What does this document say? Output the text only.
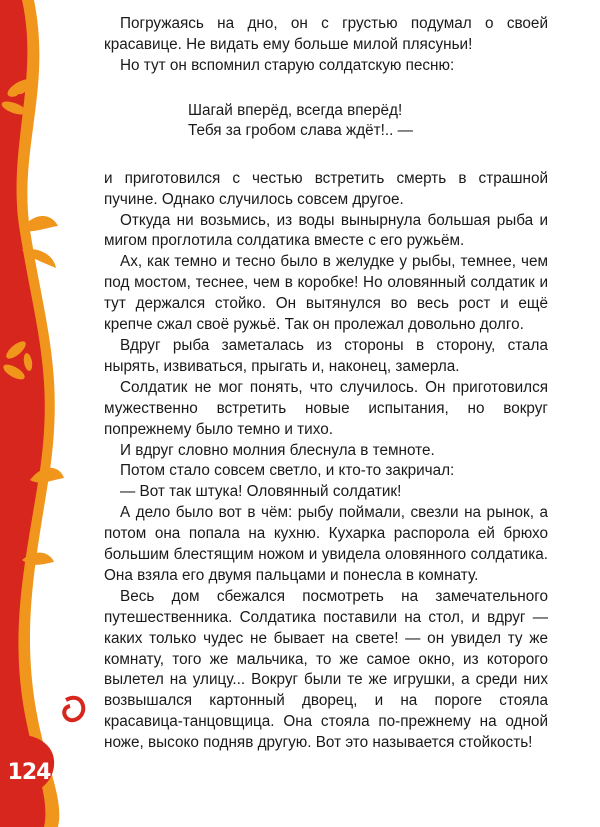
124

Погружаясь на дно, он с грустью подумал о своей красавице. Не видать ему больше милой плясуньи!

Но тут он вспомнил старую солдатскую песню:

Шагай вперёд, всегда вперёд!
Тебя за гробом слава ждёт!.. —

и приготовился с честью встретить смерть в страшной пучине. Однако случилось совсем другое.

Откуда ни возьмись, из воды вынырнула большая рыба и мигом проглотила солдатика вместе с его ружьём.

Ах, как темно и тесно было в желудке у рыбы, темнее, чем под мостом, теснее, чем в коробке! Но оловянный солдатик и тут держался стойко. Он вытянулся во весь рост и ещё крепче сжал своё ружьё. Так он пролежал довольно долго.

Вдруг рыба заметалась из стороны в сторону, стала нырять, извиваться, прыгать и, наконец, замерла.

Солдатик не мог понять, что случилось. Он приготовился мужественно встретить новые испытания, но вокруг попрежнему было темно и тихо.

И вдруг словно молния блеснула в темноте.

Потом стало совсем светло, и кто-то закричал:

— Вот так штука! Оловянный солдатик!

А дело было вот в чём: рыбу поймали, свезли на рынок, а потом она попала на кухню. Кухарка распорола ей брюхо большим блестящим ножом и увидела оловянного солдатика. Она взяла его двумя пальцами и понесла в комнату.

Весь дом сбежался посмотреть на замечательного путешественника. Солдатика поставили на стол, и вдруг — каких только чудес не бывает на свете! — он увидел ту же комнату, того же мальчика, то же самое окно, из которого вылетел на улицу... Вокруг были те же игрушки, а среди них возвышался картонный дворец, и на пороге стояла красавица-танцовщица. Она стояла по-прежнему на одной ноже, высоко подняв другую. Вот это называется стойкость!
